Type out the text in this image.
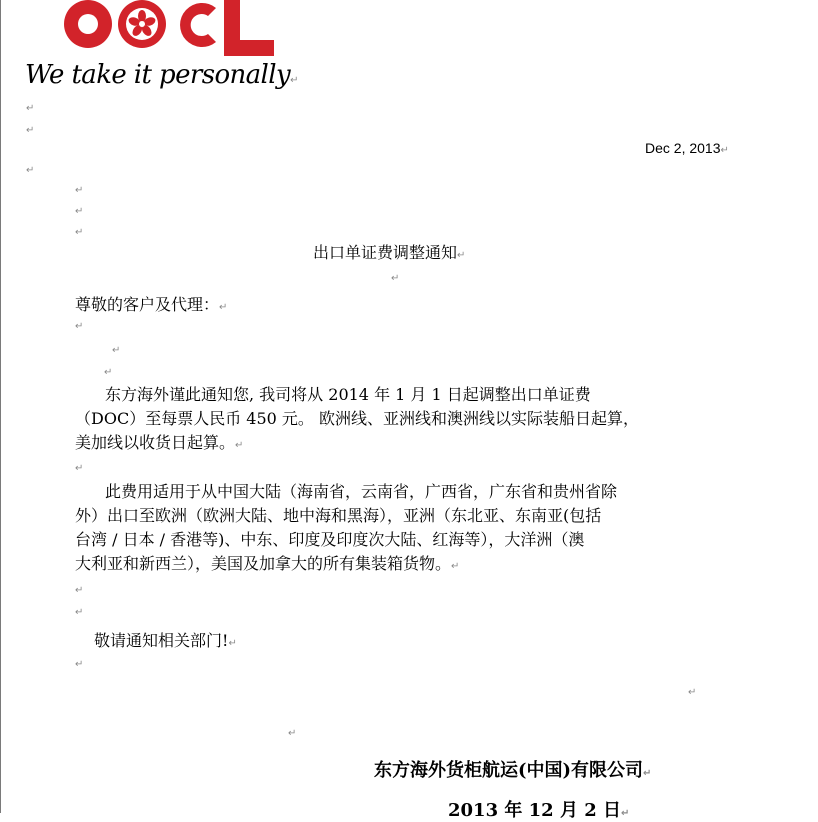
We take it personally↵
↵
↵
↵
↵
↵
↵
Dec 2, 2013↵
出口单证费调整通知↵
↵
尊敬的客户及代理：↵
↵
↵
↵
东方海外谨此通知您, 我司将从 2014 年 1 月 1 日起调整出口单证费
（DOC）至每票人民币 450 元。 欧洲线、亚洲线和澳洲线以实际装船日起算，
美加线以收货日起算。↵
↵
此费用适用于从中国大陆（海南省，云南省，广西省，广东省和贵州省除
外）出口至欧洲（欧洲大陆、地中海和黑海），亚洲（东北亚、东南亚(包括
台湾 / 日本 / 香港等)、中东、印度及印度次大陆、红海等），大洋洲（澳
大利亚和新西兰），美国及加拿大的所有集装箱货物。↵
↵
↵
敬请通知相关部门!↵
↵
↵
↵
东方海外货柜航运(中国)有限公司↵
2013 年 12 月 2 日↵
